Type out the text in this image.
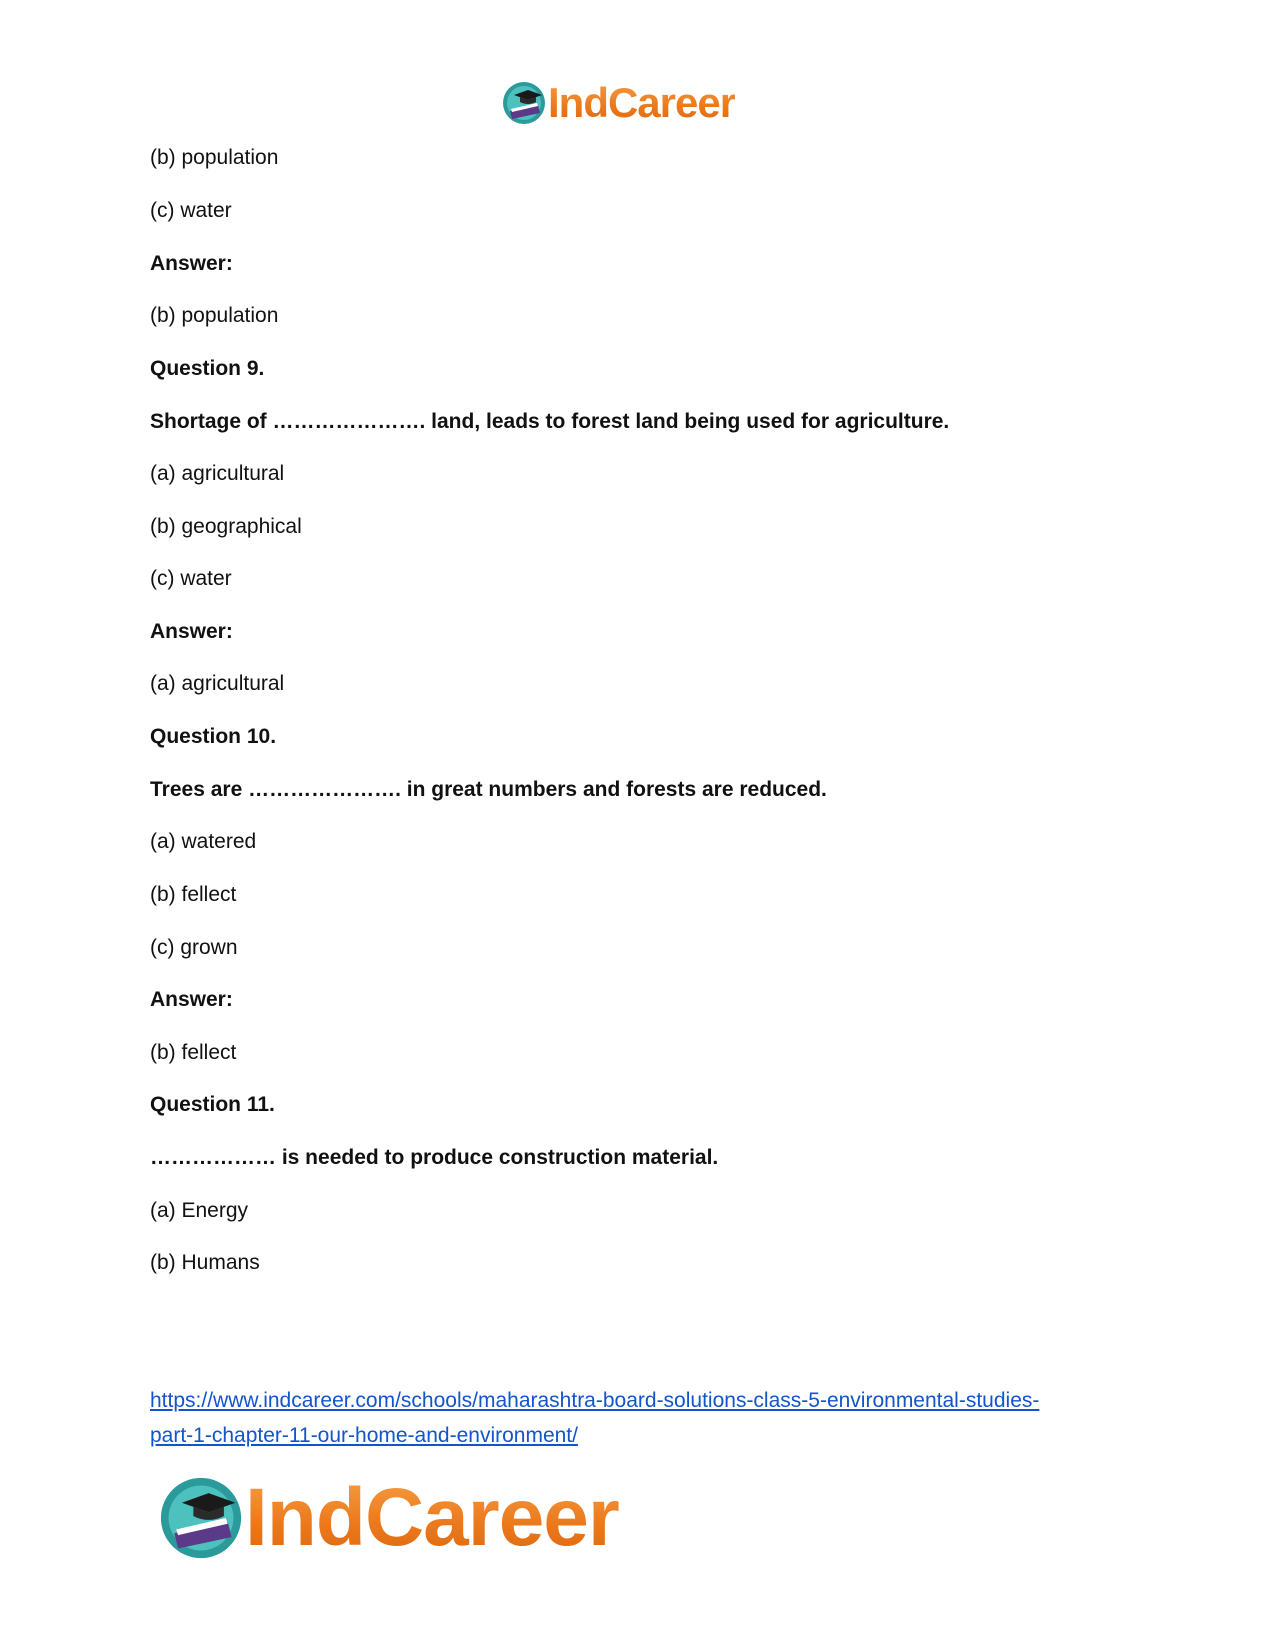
IndCareer
(b) population
(c) water
Answer:
(b) population
Question 9.
Shortage of …………………. land, leads to forest land being used for agriculture.
(a) agricultural
(b) geographical
(c) water
Answer:
(a) agricultural
Question 10.
Trees are …………………. in great numbers and forests are reduced.
(a) watered
(b) fellect
(c) grown
Answer:
(b) fellect
Question 11.
……………… is needed to produce construction material.
(a) Energy
(b) Humans
https://www.indcareer.com/schools/maharashtra-board-solutions-class-5-environmental-studies-
part-1-chapter-11-our-home-and-environment/
IndCareer
